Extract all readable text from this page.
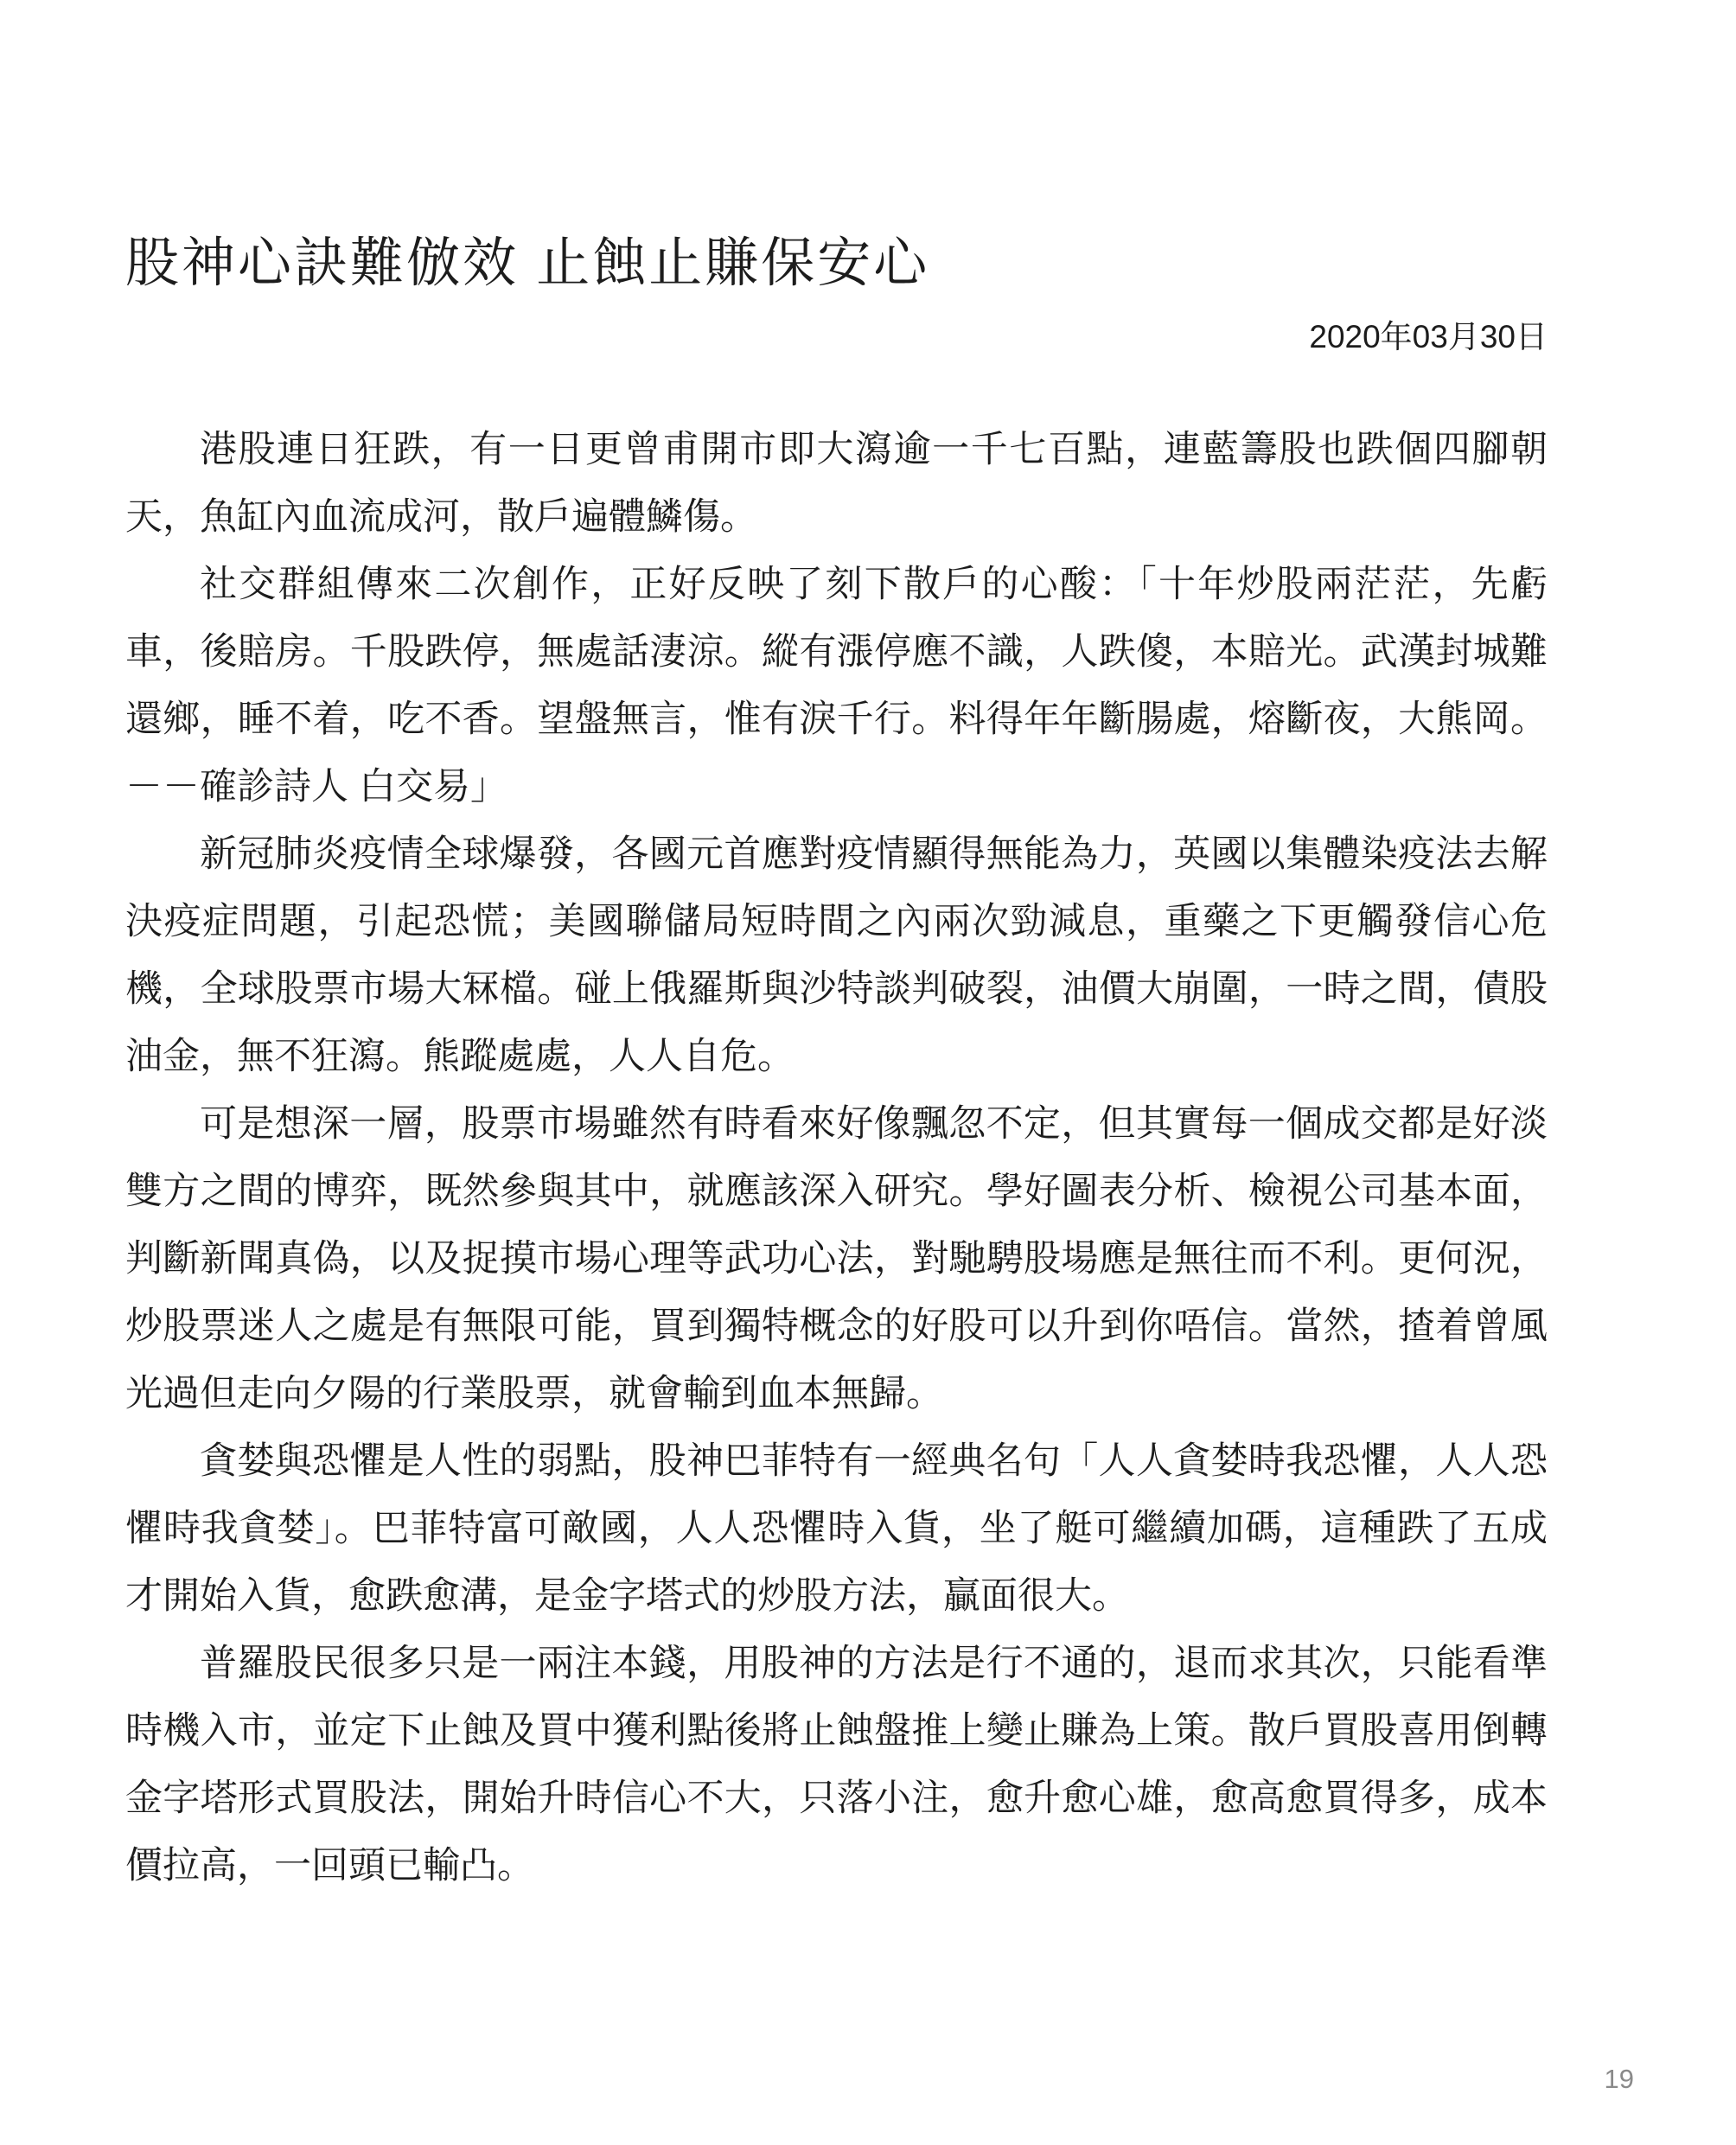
股神心訣難倣效 止蝕止賺保安心
2020年03月30日

港股連日狂跌，有一日更曾甫開市即大瀉逾一千七百點，連藍籌股也跌個四腳朝天，魚缸內血流成河，散戶遍體鱗傷。

社交群組傳來二次創作，正好反映了刻下散戶的心酸：「十年炒股兩茫茫，先虧車，後賠房。千股跌停，無處話淒涼。縱有漲停應不識，人跌傻，本賠光。武漢封城難還鄉，睡不着，吃不香。望盤無言，惟有淚千行。料得年年斷腸處，熔斷夜，大熊岡。－－確診詩人 白交易」

新冠肺炎疫情全球爆發，各國元首應對疫情顯得無能為力，英國以集體染疫法去解決疫症問題，引起恐慌；美國聯儲局短時間之內兩次勁減息，重藥之下更觸發信心危機，全球股票市場大冧檔。碰上俄羅斯與沙特談判破裂，油價大崩圍，一時之間，債股油金，無不狂瀉。熊蹤處處，人人自危。

可是想深一層，股票市場雖然有時看來好像飄忽不定，但其實每一個成交都是好淡雙方之間的博弈，既然參與其中，就應該深入研究。學好圖表分析、檢視公司基本面，判斷新聞真偽，以及捉摸市場心理等武功心法，對馳騁股場應是無往而不利。更何況，炒股票迷人之處是有無限可能，買到獨特概念的好股可以升到你唔信。當然，揸着曾風光過但走向夕陽的行業股票，就會輸到血本無歸。

貪婪與恐懼是人性的弱點，股神巴菲特有一經典名句「人人貪婪時我恐懼，人人恐懼時我貪婪」。巴菲特富可敵國，人人恐懼時入貨，坐了艇可繼續加碼，這種跌了五成才開始入貨，愈跌愈溝，是金字塔式的炒股方法，贏面很大。

普羅股民很多只是一兩注本錢，用股神的方法是行不通的，退而求其次，只能看準時機入市，並定下止蝕及買中獲利點後將止蝕盤推上變止賺為上策。散戶買股喜用倒轉金字塔形式買股法，開始升時信心不大，只落小注，愈升愈心雄，愈高愈買得多，成本價拉高，一回頭已輸凸。

19
